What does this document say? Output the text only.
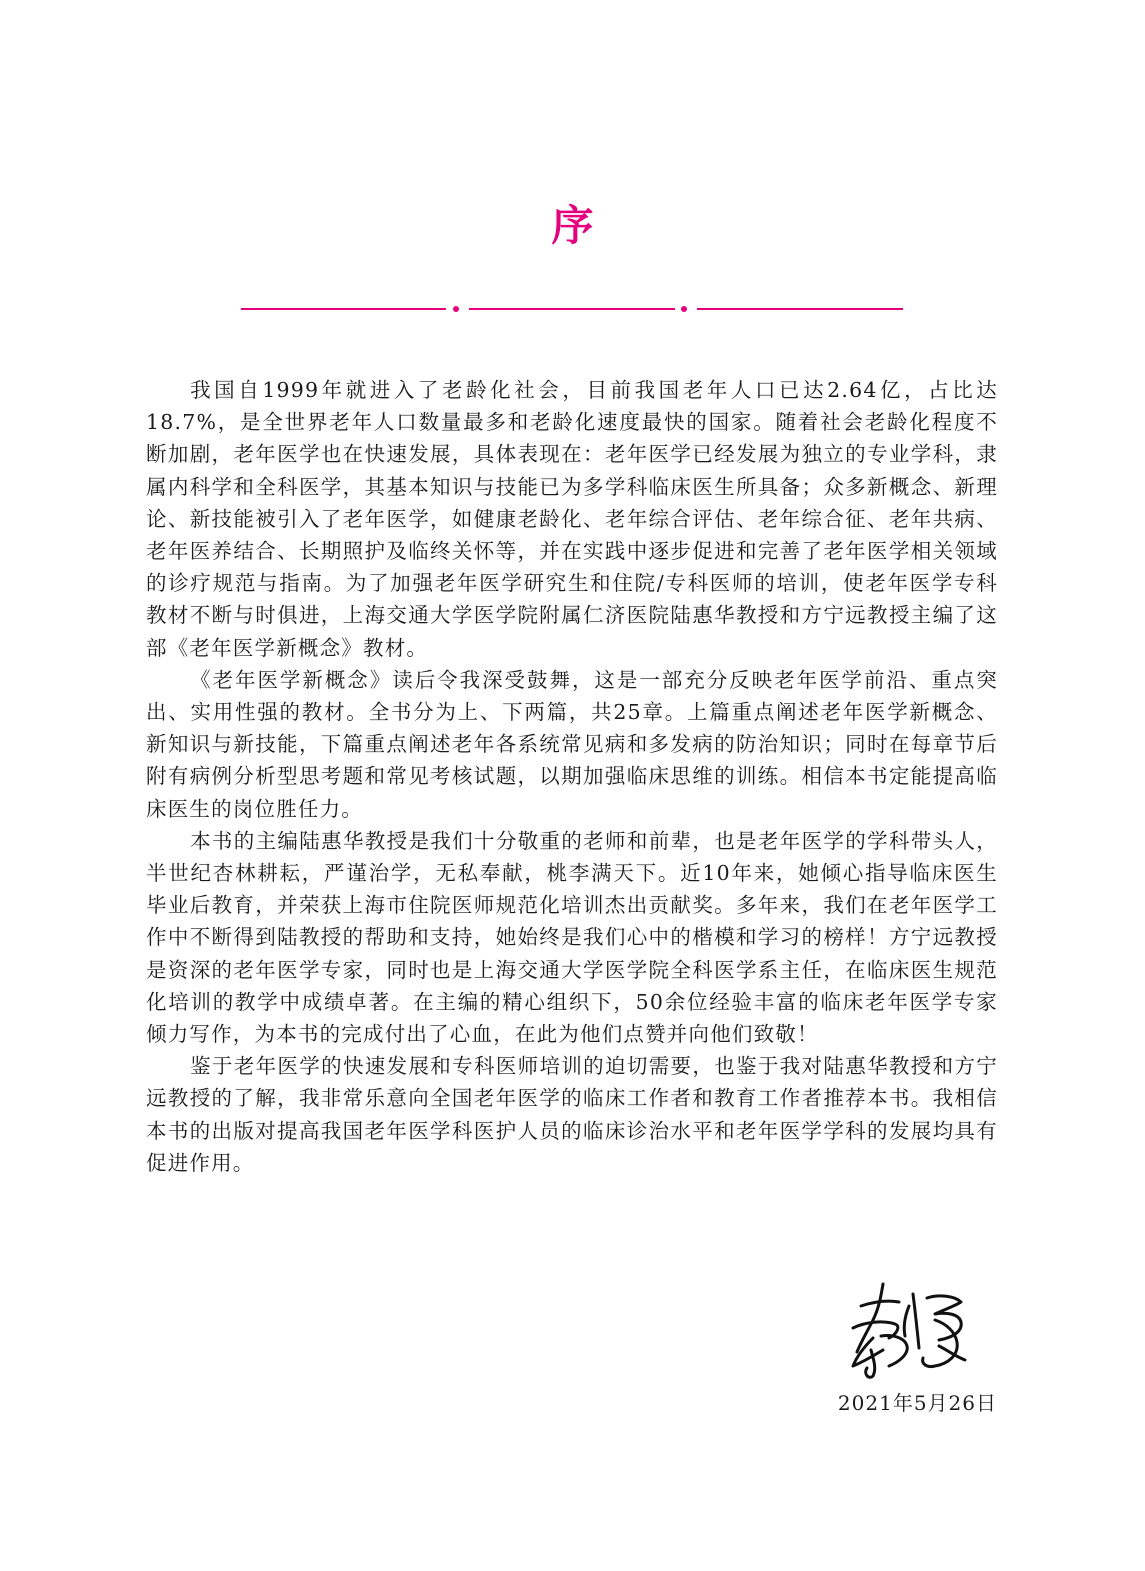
序

我国自1999年就进入了老龄化社会，目前我国老年人口已达2.64亿，占比达18.7%，是全世界老年人口数量最多和老龄化速度最快的国家。随着社会老龄化程度不断加剧，老年医学也在快速发展，具体表现在：老年医学已经发展为独立的专业学科，隶属内科学和全科医学，其基本知识与技能已为多学科临床医生所具备；众多新概念、新理论、新技能被引入了老年医学，如健康老龄化、老年综合评估、老年综合征、老年共病、老年医养结合、长期照护及临终关怀等，并在实践中逐步促进和完善了老年医学相关领域的诊疗规范与指南。为了加强老年医学研究生和住院/专科医师的培训，使老年医学专科教材不断与时俱进，上海交通大学医学院附属仁济医院陆惠华教授和方宁远教授主编了这部《老年医学新概念》教材。

《老年医学新概念》读后令我深受鼓舞，这是一部充分反映老年医学前沿、重点突出、实用性强的教材。全书分为上、下两篇，共25章。上篇重点阐述老年医学新概念、新知识与新技能，下篇重点阐述老年各系统常见病和多发病的防治知识；同时在每章节后附有病例分析型思考题和常见考核试题，以期加强临床思维的训练。相信本书定能提高临床医生的岗位胜任力。

本书的主编陆惠华教授是我们十分敬重的老师和前辈，也是老年医学的学科带头人，半世纪杏林耕耘，严谨治学，无私奉献，桃李满天下。近10年来，她倾心指导临床医生毕业后教育，并荣获上海市住院医师规范化培训杰出贡献奖。多年来，我们在老年医学工作中不断得到陆教授的帮助和支持，她始终是我们心中的楷模和学习的榜样！方宁远教授是资深的老年医学专家，同时也是上海交通大学医学院全科医学系主任，在临床医生规范化培训的教学中成绩卓著。在主编的精心组织下，50余位经验丰富的临床老年医学专家倾力写作，为本书的完成付出了心血，在此为他们点赞并向他们致敬！

鉴于老年医学的快速发展和专科医师培训的迫切需要，也鉴于我对陆惠华教授和方宁远教授的了解，我非常乐意向全国老年医学的临床工作者和教育工作者推荐本书。我相信本书的出版对提高我国老年医学科医护人员的临床诊治水平和老年医学学科的发展均具有促进作用。

2021年5月26日
